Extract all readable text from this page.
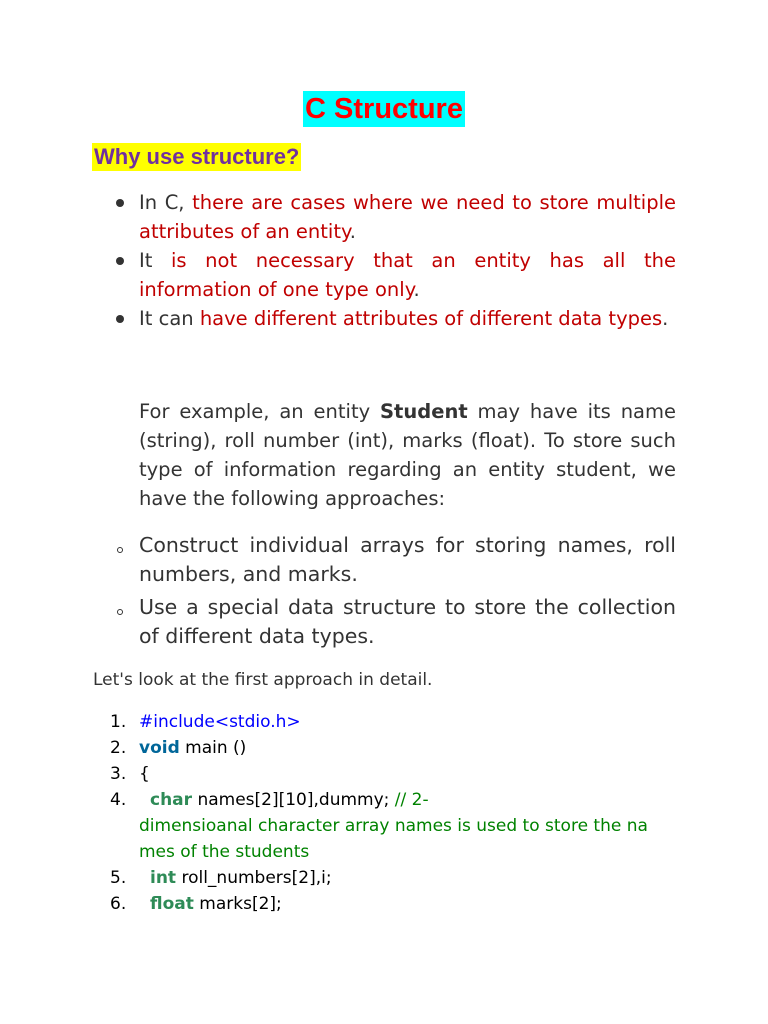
C Structure
Why use structure?
In C, there are cases where we need to store multiple attributes of an entity.
It is not necessary that an entity has all the information of one type only.
It can have different attributes of different data types.
For example, an entity Student may have its name (string), roll number (int), marks (float). To store such type of information regarding an entity student, we have the following approaches:
Construct individual arrays for storing names, roll numbers, and marks.
Use a special data structure to store the collection of different data types.
Let's look at the first approach in detail.
1. #include<stdio.h>
2. void main ()
3. {
4. char names[2][10],dummy; // 2-
dimensioanal character array names is used to store the na
mes of the students
5. int roll_numbers[2],i;
6. float marks[2];
